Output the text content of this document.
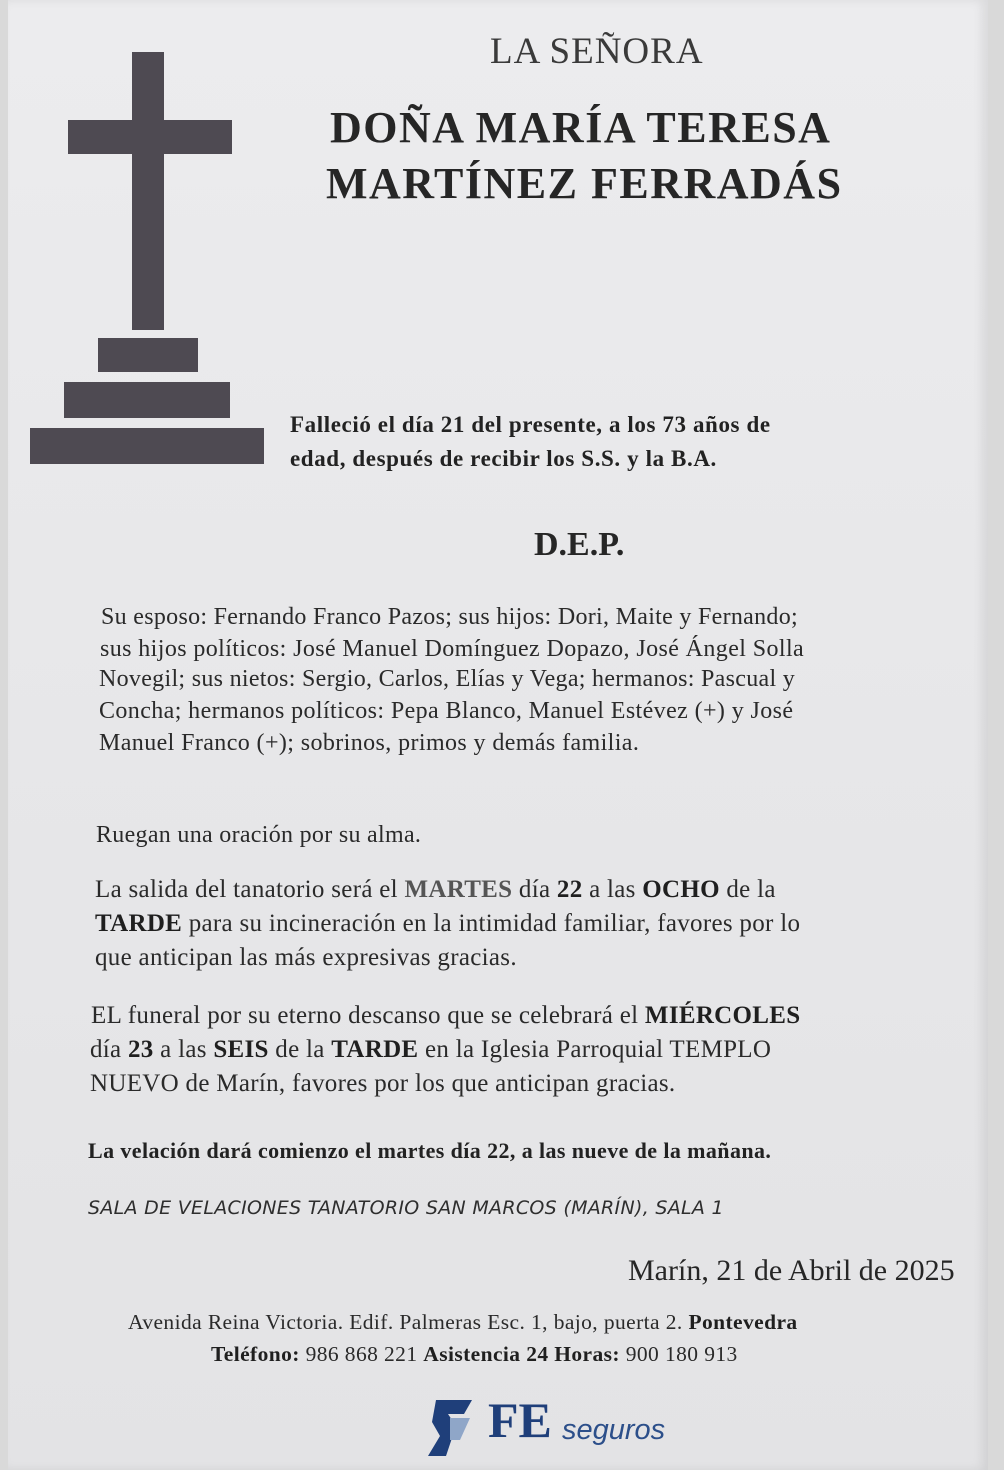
LA SEÑORA
DOÑA MARÍA TERESA
MARTÍNEZ FERRADÁS
Falleció el día 21 del presente, a los 73 años de
edad, después de recibir los S.S. y la B.A.
D.E.P.
Su esposo: Fernando Franco Pazos; sus hijos: Dori, Maite y Fernando;
sus hijos políticos: José Manuel Domínguez Dopazo, José Ángel Solla
Novegil; sus nietos: Sergio, Carlos, Elías y Vega; hermanos: Pascual y
Concha; hermanos políticos: Pepa Blanco, Manuel Estévez (+) y José
Manuel Franco (+); sobrinos, primos y demás familia.
Ruegan una oración por su alma.
La salida del tanatorio será el MARTES día 22 a las OCHO de la
TARDE para su incineración en la intimidad familiar, favores por lo
que anticipan las más expresivas gracias.
EL funeral por su eterno descanso que se celebrará el MIÉRCOLES
día 23 a las SEIS de la TARDE en la Iglesia Parroquial TEMPLO
NUEVO de Marín, favores por los que anticipan gracias.
La velación dará comienzo el martes día 22, a las nueve de la mañana.
SALA DE VELACIONES TANATORIO SAN MARCOS (MARÍN), SALA 1
Marín, 21 de Abril de 2025
Avenida Reina Victoria. Edif. Palmeras Esc. 1, bajo, puerta 2. Pontevedra
Teléfono: 986 868 221 Asistencia 24 Horas: 900 180 913
FE seguros
